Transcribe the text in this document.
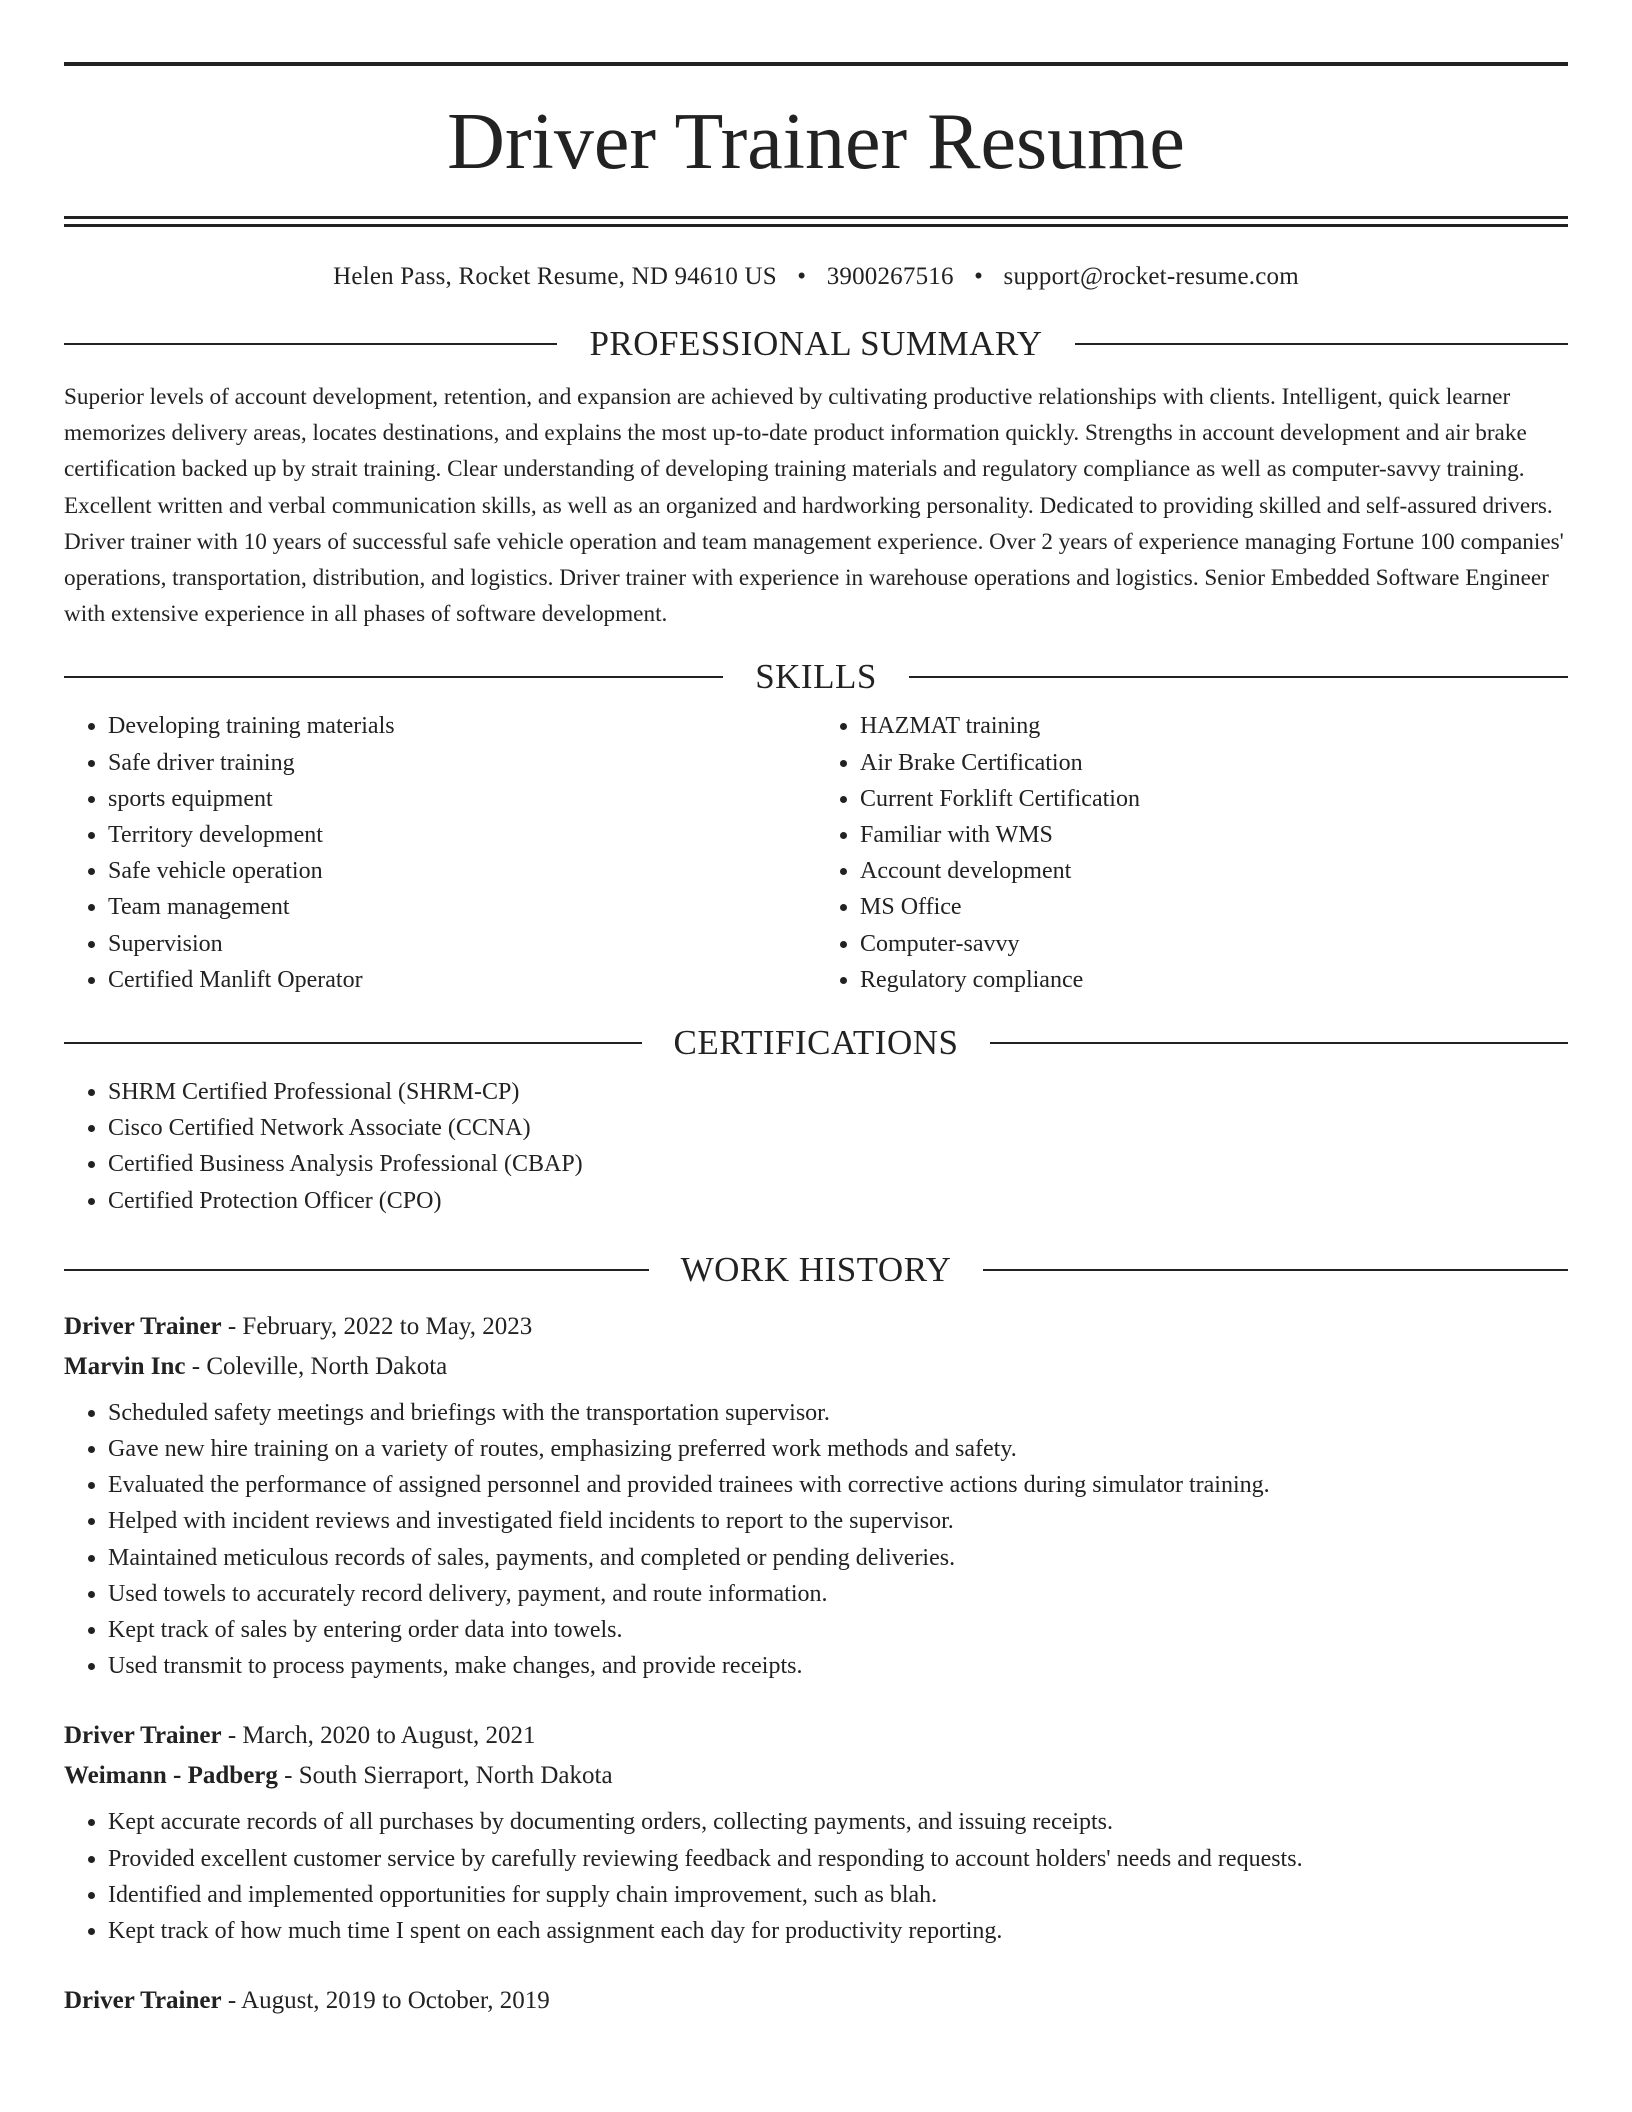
Driver Trainer Resume
Helen Pass, Rocket Resume, ND 94610 US • 3900267516 • support@rocket-resume.com
PROFESSIONAL SUMMARY

Superior levels of account development, retention, and expansion are achieved by cultivating productive relationships with clients. Intelligent, quick learner memorizes delivery areas, locates destinations, and explains the most up-to-date product information quickly. Strengths in account development and air brake certification backed up by strait training. Clear understanding of developing training materials and regulatory compliance as well as computer-savvy training. Excellent written and verbal communication skills, as well as an organized and hardworking personality. Dedicated to providing skilled and self-assured drivers. Driver trainer with 10 years of successful safe vehicle operation and team management experience. Over 2 years of experience managing Fortune 100 companies' operations, transportation, distribution, and logistics. Driver trainer with experience in warehouse operations and logistics. Senior Embedded Software Engineer with extensive experience in all phases of software development.

SKILLS
• Developing training materials
• Safe driver training
• sports equipment
• Territory development
• Safe vehicle operation
• Team management
• Supervision
• Certified Manlift Operator
• HAZMAT training
• Air Brake Certification
• Current Forklift Certification
• Familiar with WMS
• Account development
• MS Office
• Computer-savvy
• Regulatory compliance
CERTIFICATIONS
• SHRM Certified Professional (SHRM-CP)
• Cisco Certified Network Associate (CCNA)
• Certified Business Analysis Professional (CBAP)
• Certified Protection Officer (CPO)
WORK HISTORY
Driver Trainer - February, 2022 to May, 2023
Marvin Inc - Coleville, North Dakota
• Scheduled safety meetings and briefings with the transportation supervisor.
• Gave new hire training on a variety of routes, emphasizing preferred work methods and safety.
• Evaluated the performance of assigned personnel and provided trainees with corrective actions during simulator training.
• Helped with incident reviews and investigated field incidents to report to the supervisor.
• Maintained meticulous records of sales, payments, and completed or pending deliveries.
• Used towels to accurately record delivery, payment, and route information.
• Kept track of sales by entering order data into towels.
• Used transmit to process payments, make changes, and provide receipts.
Driver Trainer - March, 2020 to August, 2021
Weimann - Padberg - South Sierraport, North Dakota
• Kept accurate records of all purchases by documenting orders, collecting payments, and issuing receipts.
• Provided excellent customer service by carefully reviewing feedback and responding to account holders' needs and requests.
• Identified and implemented opportunities for supply chain improvement, such as blah.
• Kept track of how much time I spent on each assignment each day for productivity reporting.
Driver Trainer - August, 2019 to October, 2019
